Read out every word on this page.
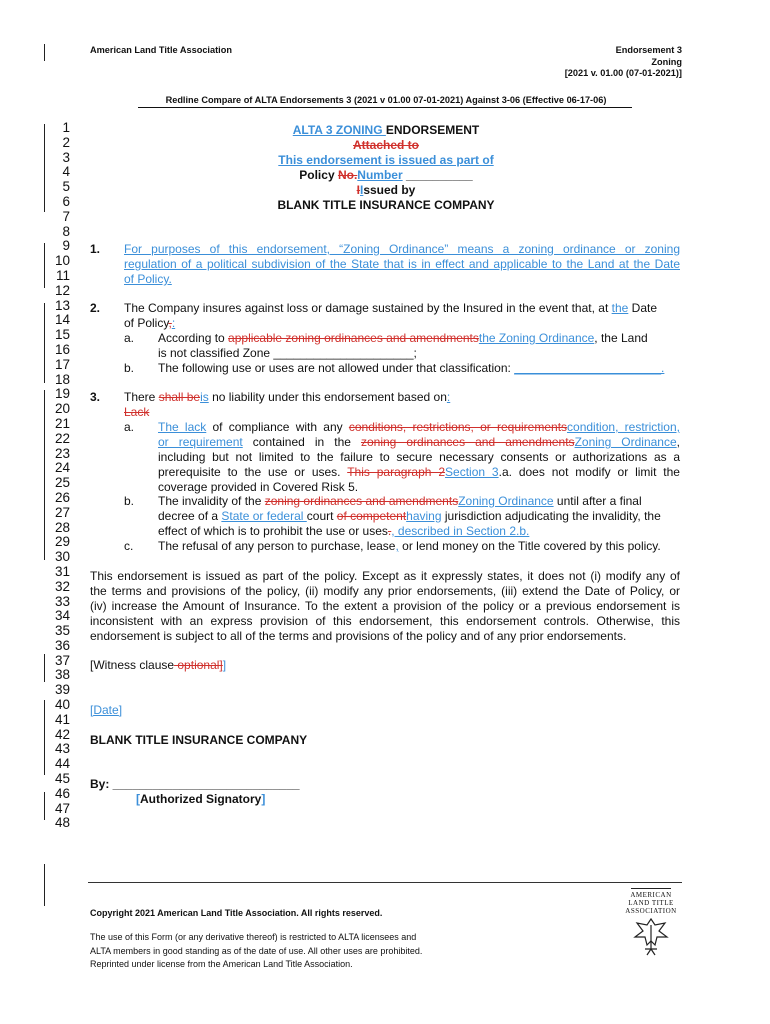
American Land Title Association	Endorsement 3
Zoning
[2021 v. 01.00 (07-01-2021)]
Redline Compare of ALTA Endorsements 3 (2021 v 01.00 07-01-2021) Against 3-06 (Effective 06-17-06)
1
2
3
4
5
6
7
8
9
10
11
12
13
14
15
16
17
18
19
20
21
22
23
24
25
26
27
28
29
30
31
32
33
34
35
36
37
38
39
40
41
42
43
44
45
46
47
48
ALTA 3 ZONING ENDORSEMENT
Attached to
This endorsement is issued as part of
Policy No.Number __________
IIssued by
BLANK TITLE INSURANCE COMPANY
1. For purposes of this endorsement, “Zoning Ordinance” means a zoning ordinance or zoning
regulation of a political subdivision of the State that is in effect and applicable to the Land at the Date
of Policy.
2. The Company insures against loss or damage sustained by the Insured in the event that, at the Date
of Policy,:
a. According to applicable zoning ordinances and amendmentsthe Zoning Ordinance, the Land
is not classified Zone _____________________;
b. The following use or uses are not allowed under that classification: ______________________.
3. There shall beis no liability under this endorsement based on:
Lack
a. The lack of compliance with any conditions, restrictions, or requirementscondition, restriction,
or requirement contained in the zoning ordinances and amendmentsZoning Ordinance,
including but not limited to the failure to secure necessary consents or authorizations as a
prerequisite to the use or uses. This paragraph 2Section 3.a. does not modify or limit the
coverage provided in Covered Risk 5.
b. The invalidity of the zoning ordinances and amendmentsZoning Ordinance until after a final
decree of a State or federal court of competenthaving jurisdiction adjudicating the invalidity, the
effect of which is to prohibit the use or uses., described in Section 2.b.
c. The refusal of any person to purchase, lease, or lend money on the Title covered by this policy.
This endorsement is issued as part of the policy. Except as it expressly states, it does not (i) modify any of
the terms and provisions of the policy, (ii) modify any prior endorsements, (iii) extend the Date of Policy, or
(iv) increase the Amount of Insurance. To the extent a provision of the policy or a previous endorsement is
inconsistent with an express provision of this endorsement, this endorsement controls. Otherwise, this
endorsement is subject to all of the terms and provisions of the policy and of any prior endorsements.
[Witness clause optional]]
[Date]
BLANK TITLE INSURANCE COMPANY
By: ____________________________
[Authorized Signatory]
Copyright 2021 American Land Title Association. All rights reserved.
The use of this Form (or any derivative thereof) is restricted to ALTA licensees and
ALTA members in good standing as of the date of use. All other uses are prohibited.
Reprinted under license from the American Land Title Association.
AMERICAN
LAND TITLE
ASSOCIATION
